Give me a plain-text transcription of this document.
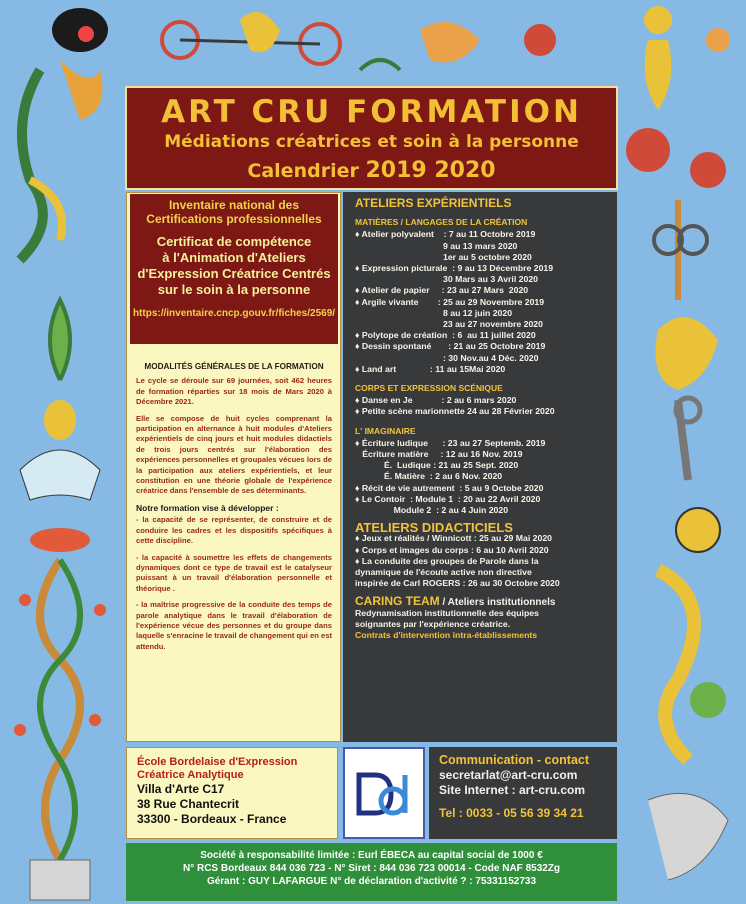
ART CRU FORMATION
Médiations créatrices et soin à la personne
Calendrier 2019 2020
Inventaire national des
Certifications professionnelles
Certificat de compétence
à l'Animation d'Ateliers
d'Expression Créatrice Centrés
sur le soin à la personne
https://inventaire.cncp.gouv.fr/fiches/2569/
MODALITÉS GÉNÉRALES DE LA FORMATION
Le cycle se déroule sur 69 journées, soit 462 heures de formation réparties sur 18 mois de Mars 2020 à Décembre 2021.
Elle se compose de huit cycles comprenant la participation en alternance à huit modules d'Ateliers expérientiels de cinq jours et huit modules didactiels de trois jours centrés sur l'élaboration des expériences personnelles et groupales vécues lors de la participation aux ateliers expérientiels, et leur constitution en une théorie globale de l'expérience créatrice dans l'ensemble de ses déterminants.
Notre formation vise à développer :
- la capacité de se représenter, de construire et de conduire les cadres et les dispositifs spécifiques à cette discipline.
- la capacité à soumettre les effets de changements dynamiques dont ce type de travail est le catalyseur puissant à un travail d'élaboration personnelle et théorique .
- la maîtrise progressive de la conduite des temps de parole analytique dans le travail d'élaboration de l'expérience vécue des personnes et du groupe dans laquelle s'enracine le travail de changement qui en est attendu.
ATELIERS EXPÉRIENTIELS
MATIÈRES / LANGAGES DE LA CRÉATION
♦ Atelier polyvalent    : 7 au 11 Octobre 2019
9 au 13 mars 2020
1er au 5 octobre 2020
♦ Expression picturale  : 9 au 13 Décembre 2019
30 Mars au 3 Avril 2020
♦ Atelier de papier     : 23 au 27 Mars  2020
♦ Argile vivante        : 25 au 29 Novembre 2019
8 au 12 juin 2020
23 au 27 novembre 2020
♦ Polytope de création  : 6  au 11 juillet 2020
♦ Dessin spontané       : 21 au 25 Octobre 2019
: 30 Nov.au 4 Déc. 2020
♦ Land art              : 11 au 15Mai 2020
CORPS ET EXPRESSION SCÉNIQUE
♦ Danse en Je            : 2 au 6 mars 2020
♦ Petite scène marionnette 24 au 28 Février 2020
L' IMAGINAIRE
♦ Écriture ludique      : 23 au 27 Septemb. 2019
Écriture matière     : 12 au 16 Nov. 2019
É.  Ludique : 21 au 25 Sept. 2020
É. Matière  : 2 au 6 Nov. 2020
♦ Récit de vie autrement  : 5 au 9 Octobe 2020
♦ Le Contoir  : Module 1  : 20 au 22 Avril 2020
Module 2  : 2 au 4 Juin 2020
ATELIERS DIDACTICIELS
♦ Jeux et réalités / Winnicott : 25 au 29 Mai 2020
♦ Corps et images du corps : 6 au 10 Avril 2020
♦ La conduite des groupes de Parole dans la
dynamique de l'écoute active non directive
inspirée de Carl ROGERS : 26 au 30 Octobre 2020
CARING TEAM / Ateliers institutionnels
Redynamisation institutionnelle des équipes
soignantes par l'expérience créatrice.
Contrats d'intervention intra-établissements
École Bordelaise d'Expression
Créatrice Analytique
Villa d'Arte C17
38 Rue Chantecrit
33300 - Bordeaux - France
Communication - contact
secretarlat@art-cru.com
Site Internet : art-cru.com
Tel : 0033 - 05 56 39 34 21
Société à responsabilité limitée : Eurl ÉBECA au capital social de 1000 €
N° RCS Bordeaux 844 036 723 - N° Siret : 844 036 723 00014 - Code NAF 8532Zg
Gérant : GUY LAFARGUE N° de déclaration d'activité ? : 75331152733
